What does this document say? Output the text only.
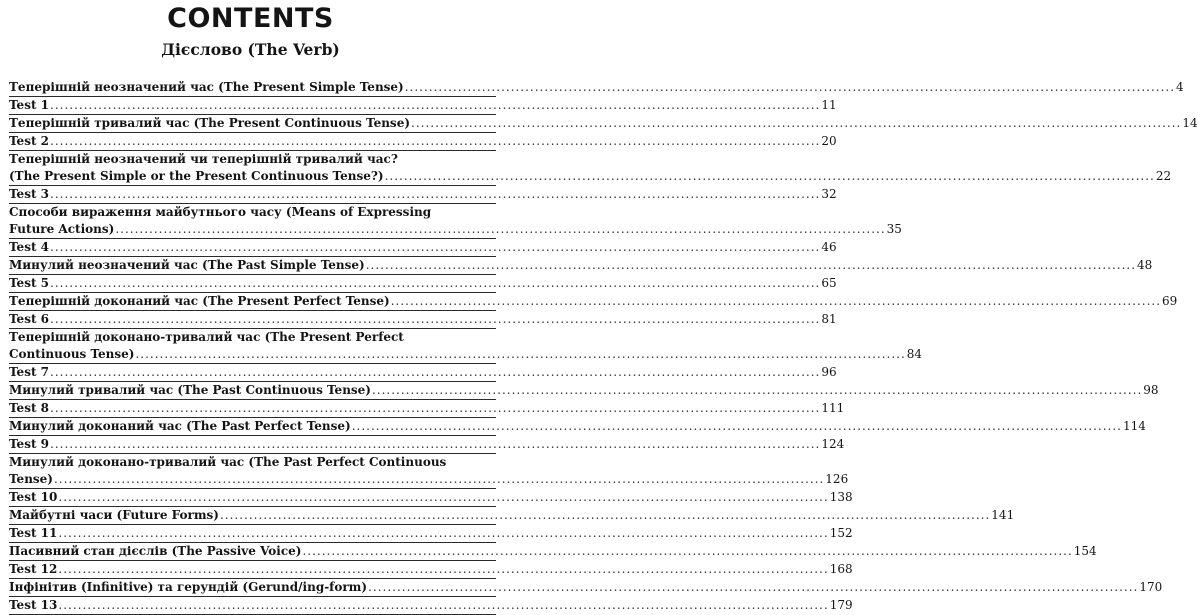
CONTENTS
Дієслово (The Verb)
Теперішній неозначений час (The Present Simple Tense) ................................................................................................................................................................ 4
Test 1 ................................................................................................................................................................ 11
Теперішній тривалий час (The Present Continuous Tense) ................................................................................................................................................................ 14
Test 2 ................................................................................................................................................................ 20
Теперішній неозначений чи теперішній тривалий час?
(The Present Simple or the Present Continuous Tense?) ................................................................................................................................................................ 22
Test 3 ................................................................................................................................................................ 32
Способи вираження майбутнього часу (Means of Expressing
Future Actions) ................................................................................................................................................................ 35
Test 4 ................................................................................................................................................................ 46
Минулий неозначений час (The Past Simple Tense) ................................................................................................................................................................ 48
Test 5 ................................................................................................................................................................ 65
Теперішній доконаний час (The Present Perfect Tense) ................................................................................................................................................................ 69
Test 6 ................................................................................................................................................................ 81
Теперішній доконано-тривалий час (The Present Perfect
Continuous Tense) ................................................................................................................................................................ 84
Test 7 ................................................................................................................................................................ 96
Минулий тривалий час (The Past Continuous Tense) ................................................................................................................................................................ 98
Test 8 ................................................................................................................................................................ 111
Минулий доконаний час (The Past Perfect Tense) ................................................................................................................................................................ 114
Test 9 ................................................................................................................................................................ 124
Минулий доконано-тривалий час (The Past Perfect Continuous
Tense) ................................................................................................................................................................ 126
Test 10 ................................................................................................................................................................ 138
Майбутні часи (Future Forms) ................................................................................................................................................................ 141
Test 11 ................................................................................................................................................................ 152
Пасивний стан дієслів (The Passive Voice) ................................................................................................................................................................ 154
Test 12 ................................................................................................................................................................ 168
Інфінітив (Infinitive) та герундій (Gerund/ing-form) ................................................................................................................................................................ 170
Test 13 ................................................................................................................................................................ 179
